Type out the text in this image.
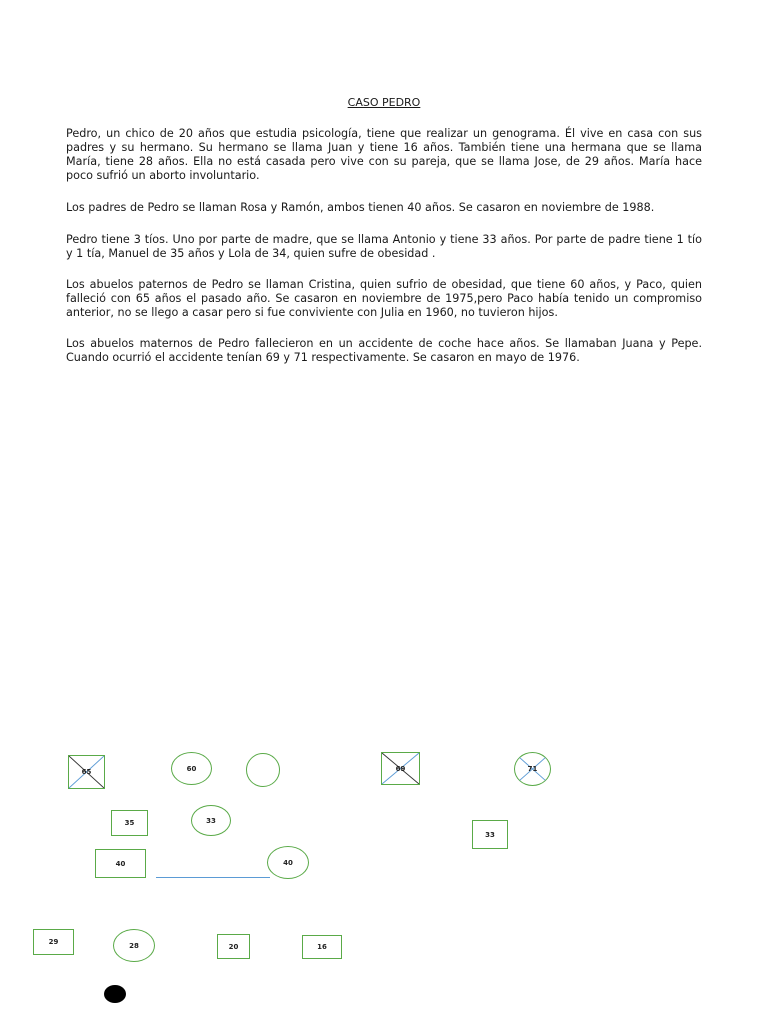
CASO PEDRO

Pedro, un chico de 20 años que estudia psicología, tiene que realizar un genograma. Él vive en casa con sus padres y su hermano. Su hermano se llama Juan y tiene 16 años. También tiene una hermana que se llama María, tiene 28 años. Ella no está casada pero vive con su pareja, que se llama Jose, de 29 años. María hace poco sufrió un aborto involuntario.

Los padres de Pedro se llaman Rosa y Ramón, ambos tienen 40 años. Se casaron en noviembre de 1988.

Pedro tiene 3 tíos. Uno por parte de madre, que se llama Antonio y tiene 33 años. Por parte de padre tiene 1 tío y 1 tía, Manuel de 35 años y Lola de 34, quien sufre de obesidad .

Los abuelos paternos de Pedro se llaman Cristina, quien sufrio de obesidad, que tiene 60 años, y Paco, quien falleció con 65 años el pasado año. Se casaron en noviembre de 1975,pero Paco había tenido un compromiso anterior, no se llego a casar pero si fue conviviente con Julia en 1960, no tuvieron hijos.

Los abuelos maternos de Pedro fallecieron en un accidente de coche hace años. Se llamaban Juana y Pepe. Cuando ocurrió el accidente tenían 69 y 71 respectivamente. Se casaron en mayo de 1976.

65	60	69	71
35	33
33
40	40
29	28	20	16
